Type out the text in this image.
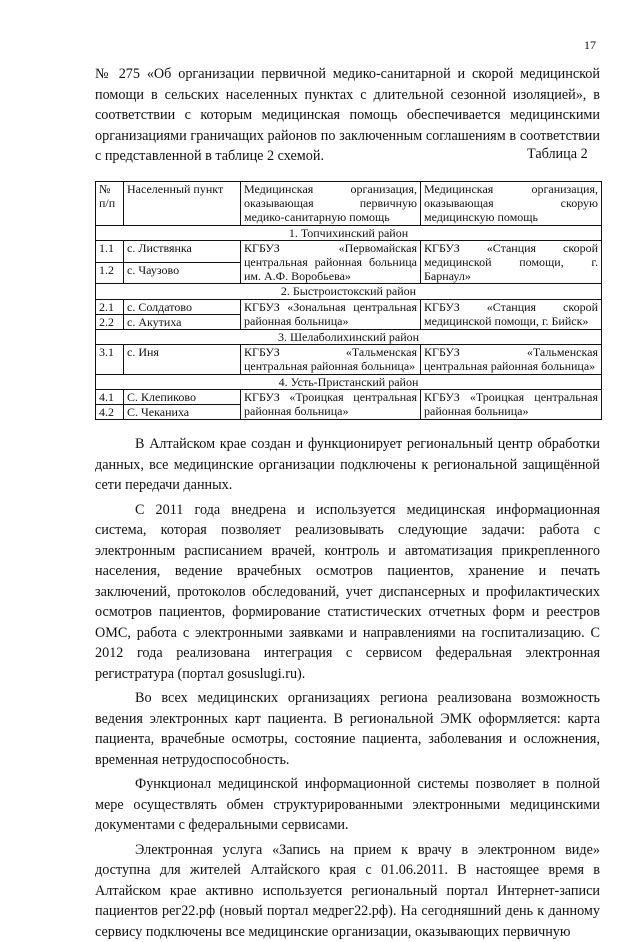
17

№ 275 «Об организации первичной медико-санитарной и скорой медицинской помощи в сельских населенных пунктах с длительной сезонной изоляцией», в соответствии с которым медицинская помощь обеспечивается медицинскими организациями граничащих районов по заключенным соглашениям в соответствии с представленной в таблице 2 схемой.	Таблица 2
№ п/п	Населенный пункт	Медицинская организация, оказывающая первичную медико-санитарную помощь	Медицинская организация, оказывающая скорую медицинскую помощь
1. Топчихинский район			
1.1	с. Листвянка	КГБУЗ «Первомайская центральная районная больница им. А.Ф. Воробьева»	КГБУЗ «Станция скорой медицинской помощи, г. Барнаул»
1.2	с. Чаузово		
2. Быстроистокский район			
2.1	с. Солдатово	КГБУЗ «Зональная центральная районная больница»	КГБУЗ «Станция скорой медицинской помощи, г. Бийск»
2.2	с. Акутиха		
3. Шелаболихинский район			
3.1	с. Иня	КГБУЗ «Тальменская центральная районная больница»	КГБУЗ «Тальменская центральная районная больница»
4. Усть-Пристанский район			
4.1	С. Клепиково	КГБУЗ «Троицкая центральная районная больница»	КГБУЗ «Троицкая центральная районная больница»
4.2	С. Чеканиха		

В Алтайском крае создан и функционирует региональный центр обработки данных, все медицинские организации подключены к региональной защищённой сети передачи данных.

С 2011 года внедрена и используется медицинская информационная система, которая позволяет реализовывать следующие задачи: работа с электронным расписанием врачей, контроль и автоматизация прикрепленного населения, ведение врачебных осмотров пациентов, хранение и печать заключений, протоколов обследований, учет диспансерных и профилактических осмотров пациентов, формирование статистических отчетных форм и реестров ОМС, работа с электронными заявками и направлениями на госпитализацию. С 2012 года реализована интеграция с сервисом федеральная электронная регистратура (портал gosuslugi.ru).

Во всех медицинских организациях региона реализована возможность ведения электронных карт пациента. В региональной ЭМК оформляется: карта пациента, врачебные осмотры, состояние пациента, заболевания и осложнения, временная нетрудоспособность.

Функционал медицинской информационной системы позволяет в полной мере осуществлять обмен структурированными электронными медицинскими документами с федеральными сервисами.

Электронная услуга «Запись на прием к врачу в электронном виде» доступна для жителей Алтайского края с 01.06.2011. В настоящее время в Алтайском крае активно используется региональный портал Интернет-записи пациентов рег22.рф (новый портал медрег22.рф). На сегодняшний день к данному сервису подключены все медицинские организации, оказывающих первичную
